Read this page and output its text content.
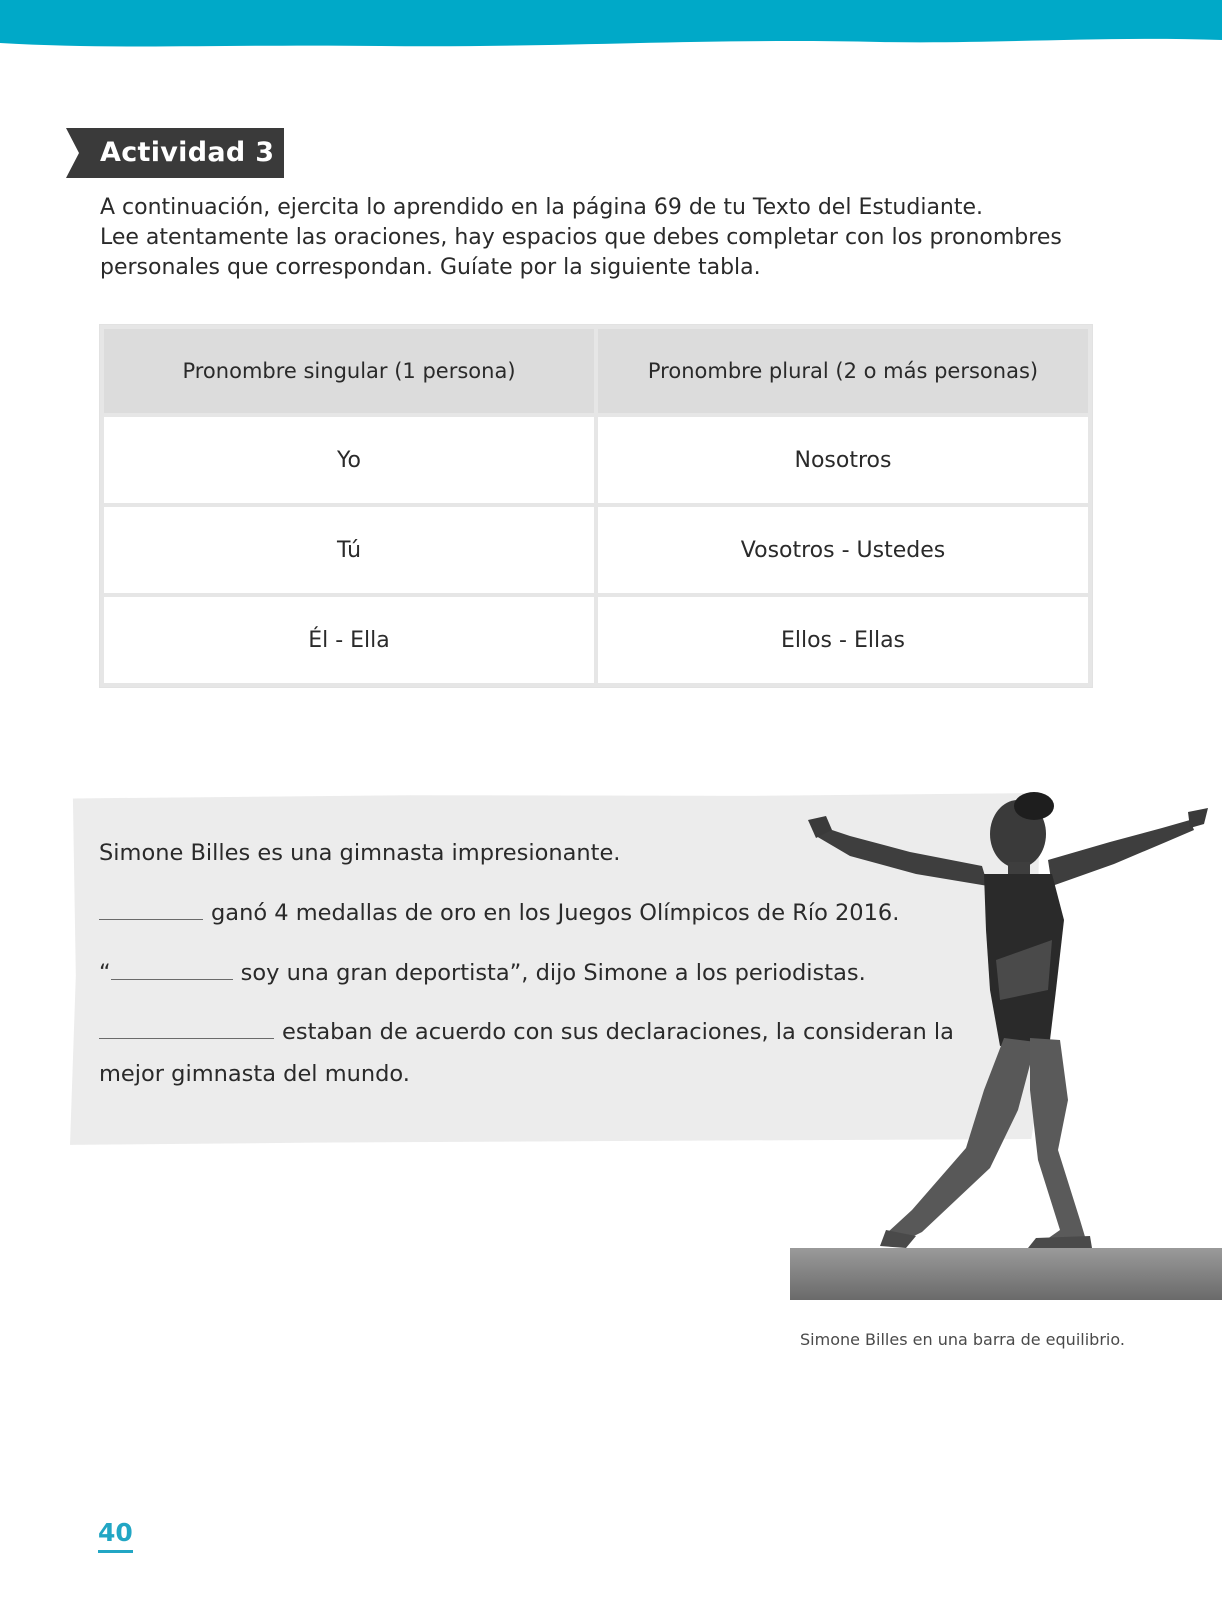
Actividad 3

A continuación, ejercita lo aprendido en la página 69 de tu Texto del Estudiante.

Lee atentamente las oraciones, hay espacios que debes completar con los pronombres personales que correspondan. Guíate por la siguiente tabla.

Pronombre singular (1 persona)	Pronombre plural (2 o más personas)
Yo	Nosotros
Tú	Vosotros - Ustedes
Él - Ella	Ellos - Ellas
Simone Billes es una gimnasta impresionante.
ganó 4 medallas de oro en los Juegos Olímpicos de Río 2016.
“	soy una gran deportista”, dijo Simone a los periodistas.
estaban de acuerdo con sus declaraciones, la consideran la
mejor gimnasta del mundo.
Simone Billes en una barra de equilibrio.
40
